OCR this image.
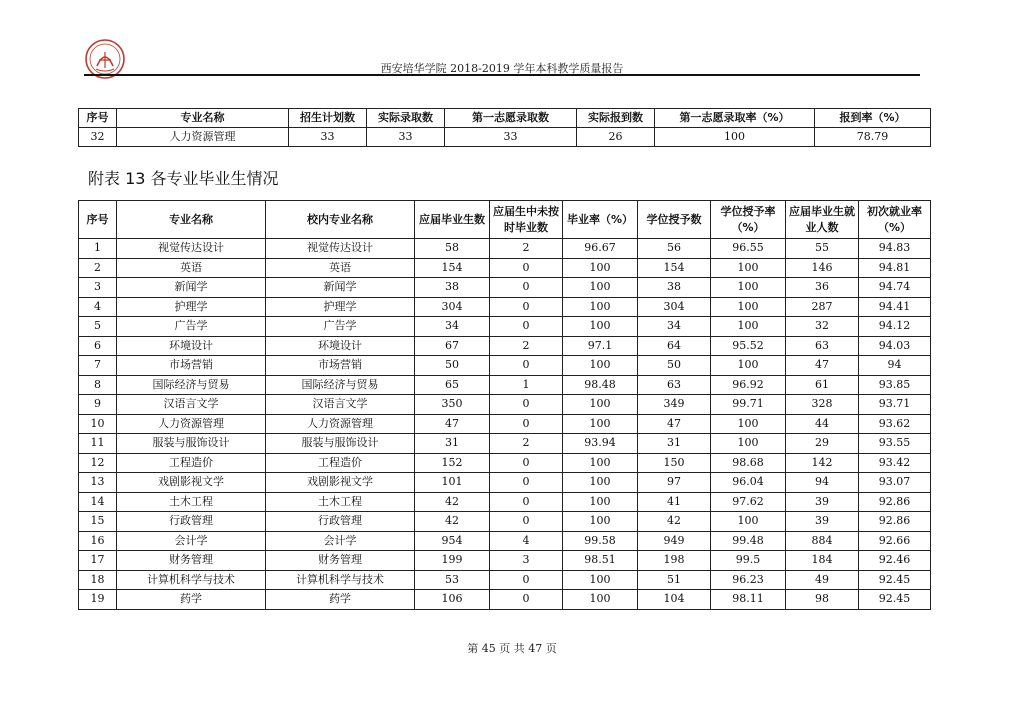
西安培华学院 2018-2019 学年本科教学质量报告
序号	专业名称	招生计划数	实际录取数	第一志愿录取数	实际报到数	第一志愿录取率（%）	报到率（%）
32	人力资源管理	33	33	33	26	100	78.79
附表 13 各专业毕业生情况
序号	专业名称	校内专业名称	应届毕业生数	应届生中未按时毕业数	毕业率（%）	学位授予数	学位授予率（%）	应届毕业生就业人数	初次就业率（%）
1	视觉传达设计	视觉传达设计	58	2	96.67	56	96.55	55	94.83
2	英语	英语	154	0	100	154	100	146	94.81
3	新闻学	新闻学	38	0	100	38	100	36	94.74
4	护理学	护理学	304	0	100	304	100	287	94.41
5	广告学	广告学	34	0	100	34	100	32	94.12
6	环境设计	环境设计	67	2	97.1	64	95.52	63	94.03
7	市场营销	市场营销	50	0	100	50	100	47	94
8	国际经济与贸易	国际经济与贸易	65	1	98.48	63	96.92	61	93.85
9	汉语言文学	汉语言文学	350	0	100	349	99.71	328	93.71
10	人力资源管理	人力资源管理	47	0	100	47	100	44	93.62
11	服装与服饰设计	服装与服饰设计	31	2	93.94	31	100	29	93.55
12	工程造价	工程造价	152	0	100	150	98.68	142	93.42
13	戏剧影视文学	戏剧影视文学	101	0	100	97	96.04	94	93.07
14	土木工程	土木工程	42	0	100	41	97.62	39	92.86
15	行政管理	行政管理	42	0	100	42	100	39	92.86
16	会计学	会计学	954	4	99.58	949	99.48	884	92.66
17	财务管理	财务管理	199	3	98.51	198	99.5	184	92.46
18	计算机科学与技术	计算机科学与技术	53	0	100	51	96.23	49	92.45
19	药学	药学	106	0	100	104	98.11	98	92.45
第 45 页 共 47 页
